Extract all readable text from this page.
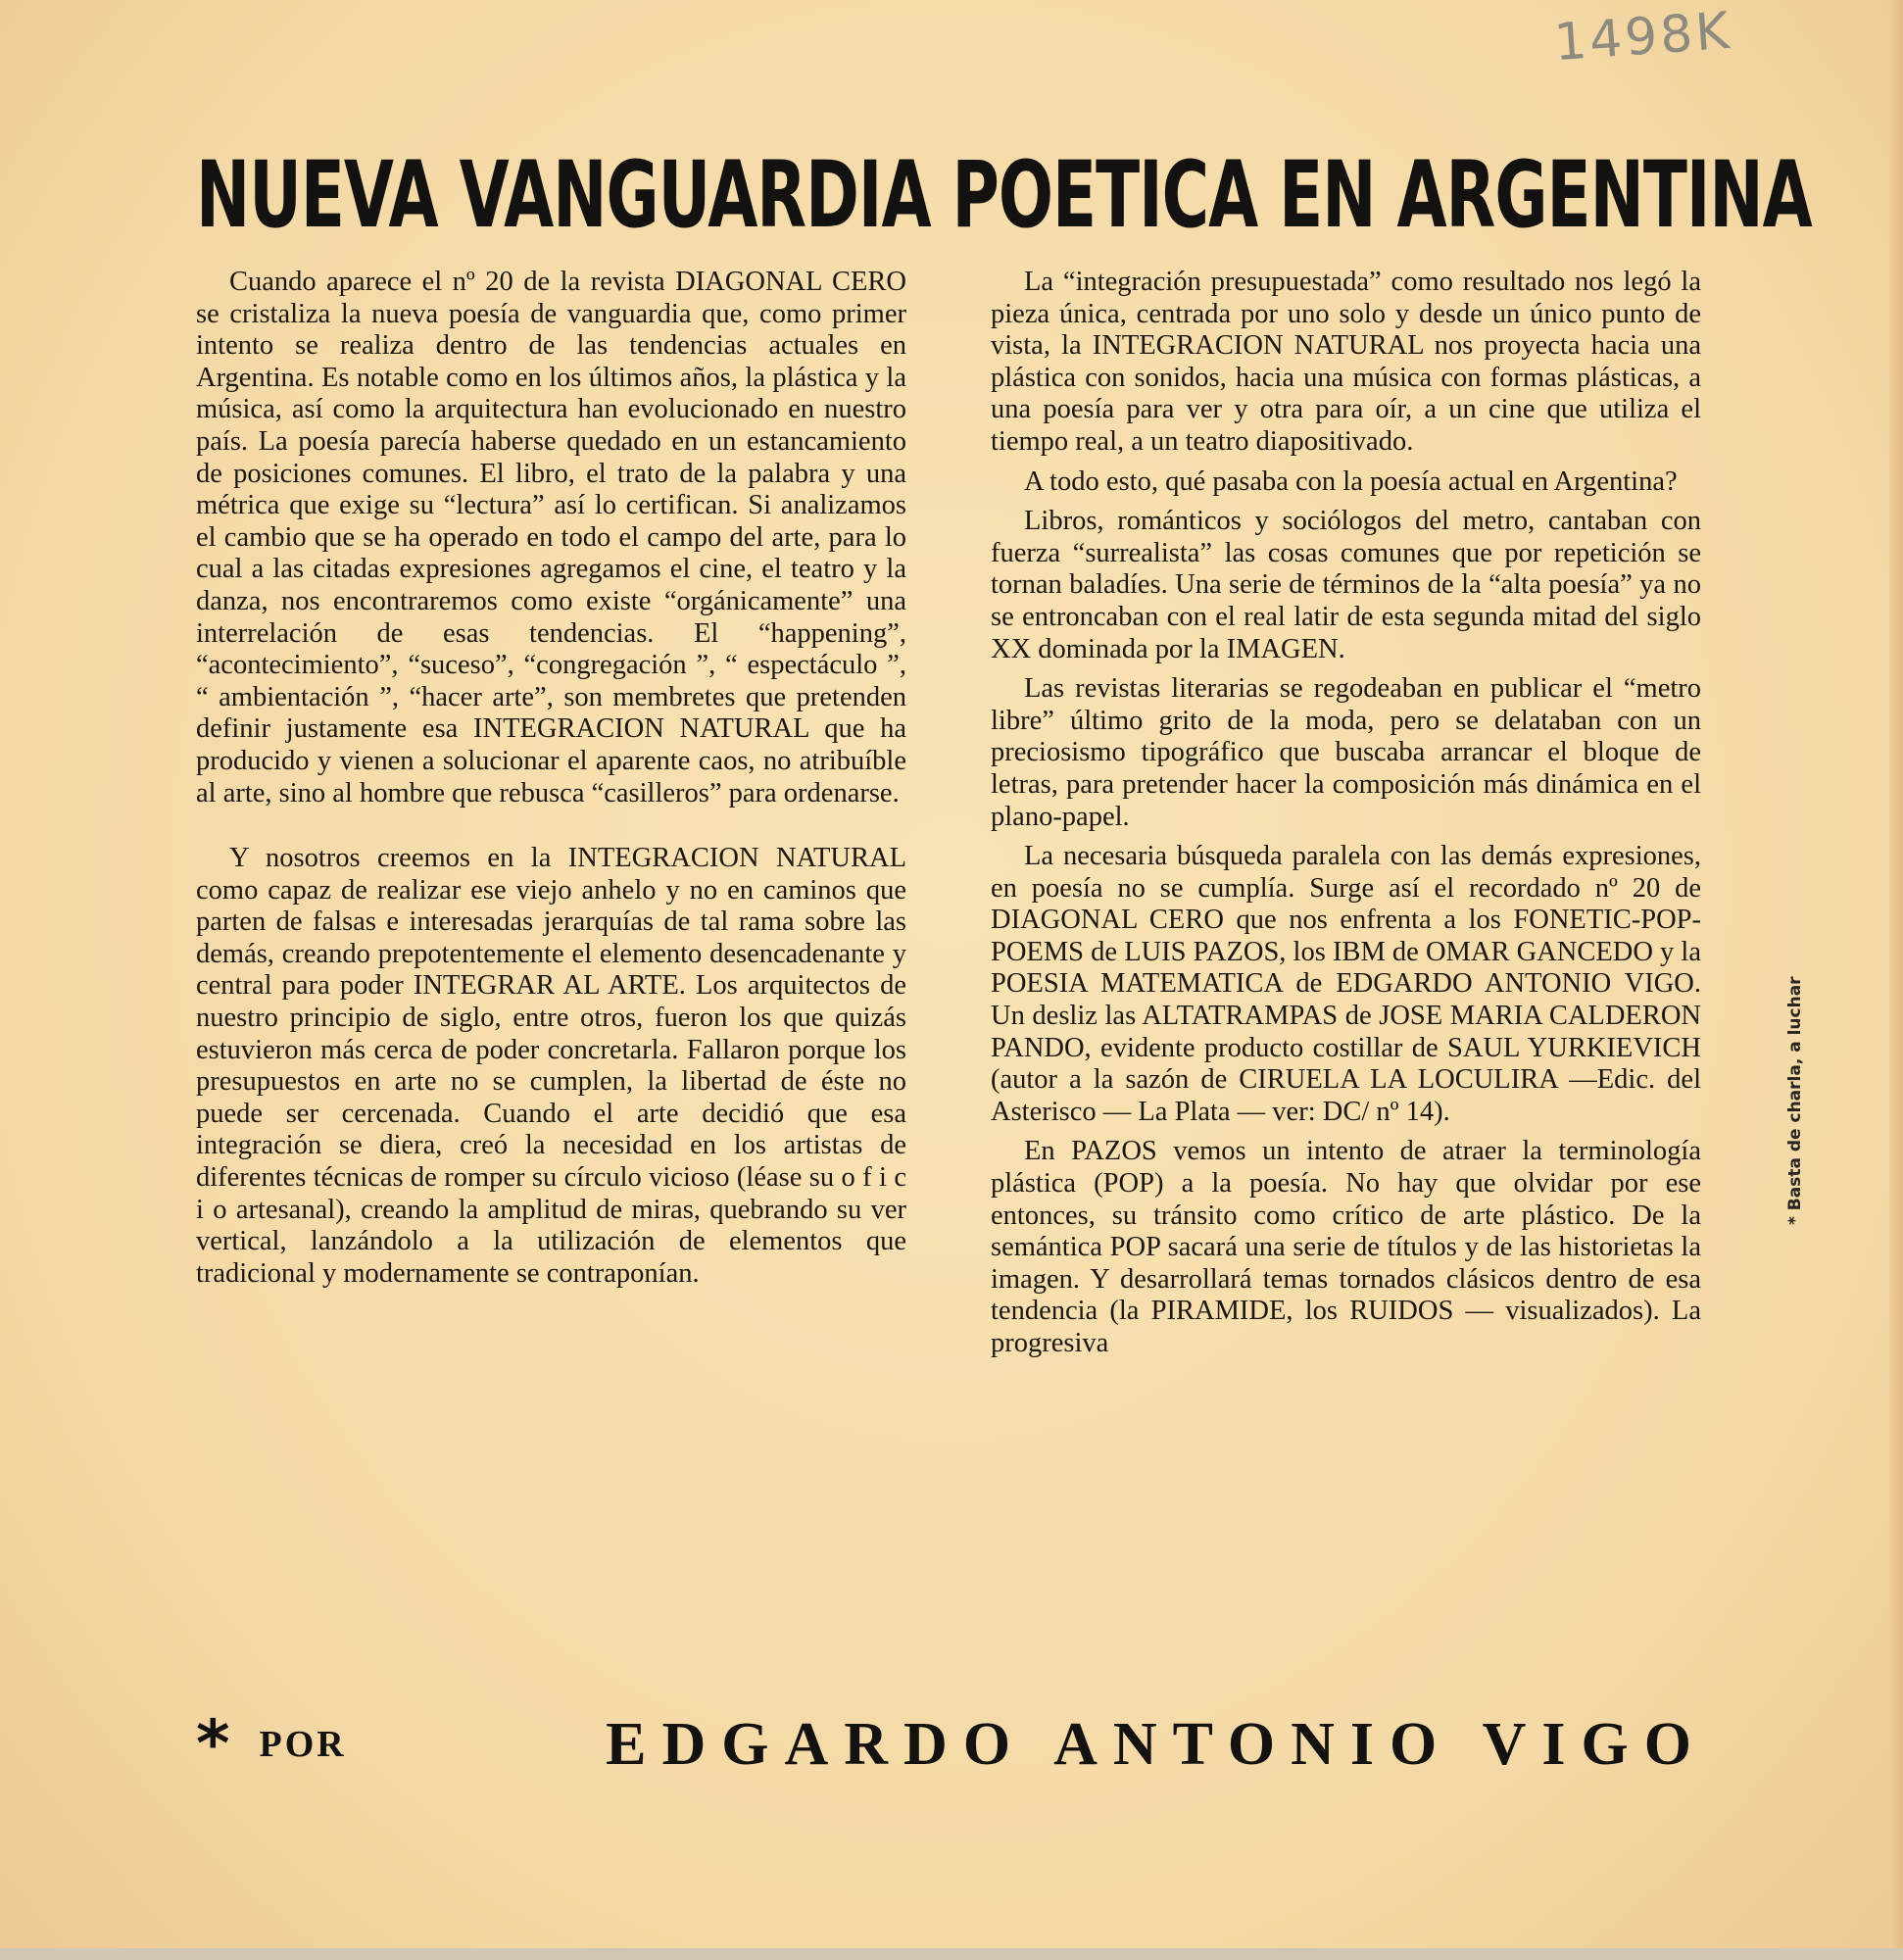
1498K
NUEVA VANGUARDIA POETICA EN ARGENTINA

Cuando aparece el nº 20 de la revista DIAGONAL CERO se cristaliza la nueva poesía de vanguardia que, como primer intento se realiza dentro de las tendencias actuales en Argentina. Es notable como en los últimos años, la plástica y la música, así como la arquitectura han evolucionado en nuestro país. La poesía parecía haberse quedado en un estancamiento de posiciones comunes. El libro, el trato de la palabra y una métrica que exige su “lectura” así lo certifican. Si analizamos el cambio que se ha operado en todo el campo del arte, para lo cual a las citadas expresiones agregamos el cine, el teatro y la danza, nos encontraremos como existe “orgánicamente” una interrelación de esas tendencias. El “happening”, “acontecimiento”, “suceso”, “congregación ”, “ espectáculo ”, “ ambientación ”, “hacer arte”, son membretes que pretenden definir justamente esa INTEGRACION NATURAL que ha producido y vienen a solucionar el aparente caos, no atribuíble al arte, sino al hombre que rebusca “casilleros” para ordenarse.

Y nosotros creemos en la INTEGRACION NATURAL como capaz de realizar ese viejo anhelo y no en caminos que parten de falsas e interesadas jerarquías de tal rama sobre las demás, creando prepotentemente el elemento desencadenante y central para poder INTEGRAR AL ARTE. Los arquitectos de nuestro principio de siglo, entre otros, fueron los que quizás estuvieron más cerca de poder concretarla. Fallaron porque los presupuestos en arte no se cumplen, la libertad de éste no puede ser cercenada. Cuando el arte decidió que esa integración se diera, creó la necesidad en los artistas de diferentes técnicas de romper su círculo vicioso (léase su o f i c i o artesanal), creando la amplitud de miras, quebrando su ver vertical, lanzándolo a la utilización de elementos que tradicional y modernamente se contraponían.

La “integración presupuestada” como resultado nos legó la pieza única, centrada por uno solo y desde un único punto de vista, la INTEGRACION NATURAL nos proyecta hacia una plástica con sonidos, hacia una música con formas plásticas, a una poesía para ver y otra para oír, a un cine que utiliza el tiempo real, a un teatro diapositivado.

A todo esto, qué pasaba con la poesía actual en Argentina?

Libros, románticos y sociólogos del metro, cantaban con fuerza “surrealista” las cosas comunes que por repetición se tornan baladíes. Una serie de términos de la “alta poesía” ya no se entroncaban con el real latir de esta segunda mitad del siglo XX dominada por la IMAGEN.

Las revistas literarias se regodeaban en publicar el “metro libre” último grito de la moda, pero se delataban con un preciosismo tipográfico que buscaba arrancar el bloque de letras, para pretender hacer la composición más dinámica en el plano-papel.

La necesaria búsqueda paralela con las demás expresiones, en poesía no se cumplía. Surge así el recordado nº 20 de DIAGONAL CERO que nos enfrenta a los FONETIC-POP-POEMS de LUIS PAZOS, los IBM de OMAR GANCEDO y la POESIA MATEMATICA de EDGARDO ANTONIO VIGO. Un desliz las ALTATRAMPAS de JOSE MARIA CALDERON PANDO, evidente producto costillar de SAUL YURKIEVICH (autor a la sazón de CIRUELA LA LOCULIRA —Edic. del Asterisco — La Plata — ver: DC/ nº 14).

En PAZOS vemos un intento de atraer la terminología plástica (POP) a la poesía. No hay que olvidar por ese entonces, su tránsito como crítico de arte plástico. De la semántica POP sacará una serie de títulos y de las historietas la imagen. Y desarrollará temas tornados clásicos dentro de esa tendencia (la PIRAMIDE, los RUIDOS — visualizados). La progresiva

* Basta de charla, a luchar
* POR	EDGARDO ANTONIO VIGO
